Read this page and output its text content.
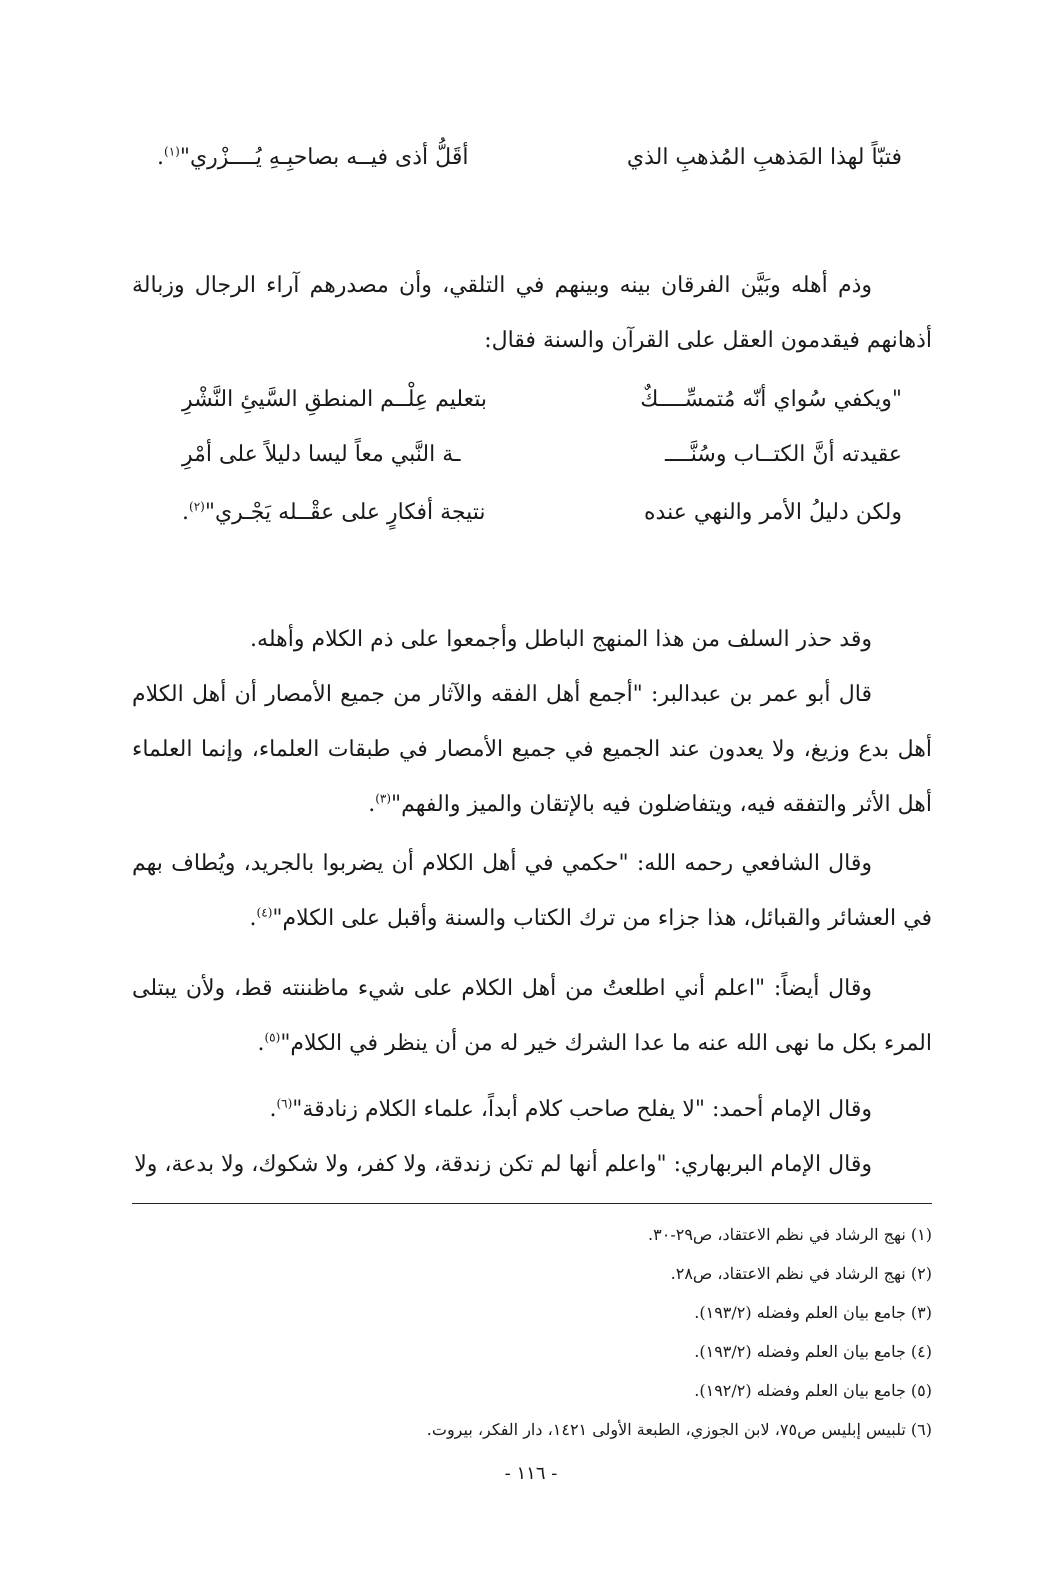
فتبّاً لهذا المَذهبِ المُذهبِ الذي
أقَلُّ أذى فيــه بصاحبِـهِ يُــــزْري"$^{(١)}$.
وذم أهله وبَيَّن الفرقان بينه وبينهم في التلقي، وأن مصدرهم آراء الرجال وزبالة أذهانهم فيقدمون العقل على القرآن والسنة فقال:
"ويكفي سُواي أنّه مُتمسِّــــكٌ
بتعليم عِلْــم المنطقِ السَّيئِ النَّشْرِ
عقيدته أنَّ الكتــاب وسُنَّــــ
ـة النَّبي معاً ليسا دليلاً على أمْرِ
ولكن دليلُ الأمر والنهي عنده
نتيجة أفكارٍ على عقْــله يَجْـري"$^{(٢)}$.
وقد حذر السلف من هذا المنهج الباطل وأجمعوا على ذم الكلام وأهله.
قال أبو عمر بن عبدالبر: "أجمع أهل الفقه والآثار من جميع الأمصار أن أهل الكلام أهل بدع وزيغ، ولا يعدون عند الجميع في جميع الأمصار في طبقات العلماء، وإنما العلماء أهل الأثر والتفقه فيه، ويتفاضلون فيه بالإتقان والميز والفهم"$^{(٣)}$.
وقال الشافعي رحمه الله: "حكمي في أهل الكلام أن يضربوا بالجريد، ويُطاف بهم في العشائر والقبائل، هذا جزاء من ترك الكتاب والسنة وأقبل على الكلام"$^{(٤)}$.
وقال أيضاً: "اعلم أني اطلعتُ من أهل الكلام على شيء ماظننته قط، ولأن يبتلى المرء بكل ما نهى الله عنه ما عدا الشرك خير له من أن ينظر في الكلام"$^{(٥)}$.
وقال الإمام أحمد: "لا يفلح صاحب كلام أبداً، علماء الكلام زنادقة"$^{(٦)}$.
وقال الإمام البربهاري: "واعلم أنها لم تكن زندقة، ولا كفر، ولا شكوك، ولا بدعة، ولا
(١) نهج الرشاد في نظم الاعتقاد، ص٢٩-٣٠.
(٢) نهج الرشاد في نظم الاعتقاد، ص٢٨.
(٣) جامع بيان العلم وفضله (١٩٣/٢).
(٤) جامع بيان العلم وفضله (١٩٣/٢).
(٥) جامع بيان العلم وفضله (١٩٢/٢).
(٦) تلبيس إبليس ص٧٥، لابن الجوزي، الطبعة الأولى ١٤٢١، دار الفكر، بيروت.
- ١١٦ -
